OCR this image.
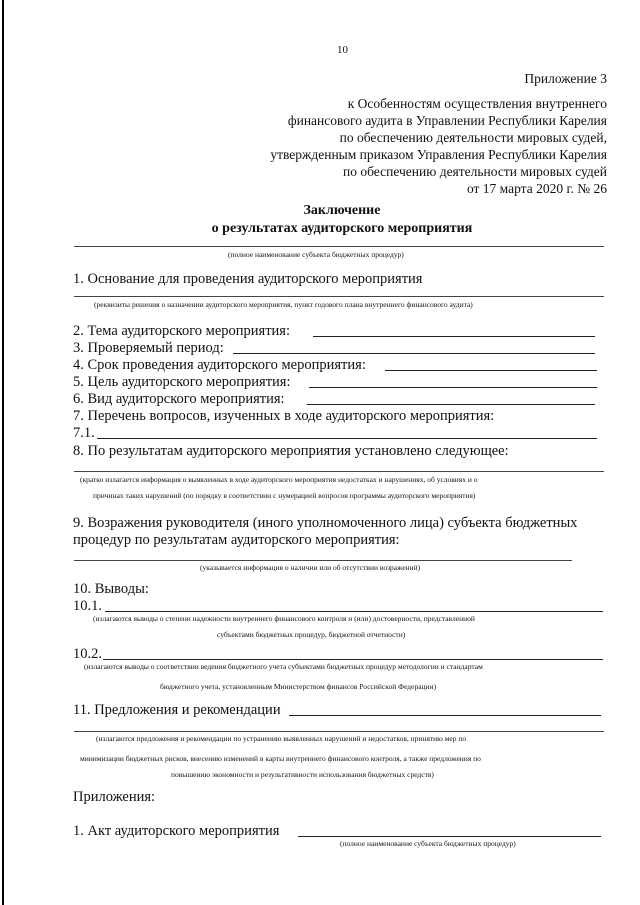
10
Приложение 3
к Особенностям осуществления внутреннего
финансового аудита в Управлении Республики Карелия
по обеспечению деятельности мировых судей,
утвержденным приказом Управления Республики Карелия
по обеспечению деятельности мировых судей
от 17 марта 2020 г. № 26
Заключение
о результатах аудиторского мероприятия
(полное наименование субъекта бюджетных процедур)
1. Основание для проведения аудиторского мероприятия
(реквизиты решения о назначении аудиторского мероприятия, пункт годового плана внутреннего финансового аудита)
2. Тема аудиторского мероприятия:
3. Проверяемый период:
4. Срок проведения аудиторского мероприятия:
5. Цель аудиторского мероприятия:
6. Вид аудиторского мероприятия:
7. Перечень вопросов, изученных в ходе аудиторского мероприятия:
7.1.
8. По результатам аудиторского мероприятия установлено следующее:
(кратко излагается информация о выявленных в ходе аудиторского мероприятия недостатках и нарушениях, об условиях и о
причинах таких нарушений (по порядку в соответствии с нумерацией вопросов программы аудиторского мероприятия)
9. Возражения руководителя (иного уполномоченного лица) субъекта бюджетных
процедур по результатам аудиторского мероприятия:
(указывается информация о наличии или об отсутствии возражений)
10. Выводы:
10.1.
(излагаются выводы о степени надежности внутреннего финансового контроля и (или) достоверности, представленной
субъектами бюджетных процедур, бюджетной отчетности)
10.2.
(излагаются выводы о соответствии ведения бюджетного учета субъектами бюджетных процедур методологии и стандартам
бюджетного учета, установленным Министерством финансов Российской Федерации)
11. Предложения и рекомендации
(излагаются предложения и рекомендации по устранению выявленных нарушений и недостатков, принятию мер по
минимизации бюджетных рисков, внесению изменений в карты внутреннего финансового контроля, а также предложения по
повышению экономности и результативности использования бюджетных средств)
Приложения:
1. Акт аудиторского мероприятия
(полное наименование субъекта бюджетных процедур)
